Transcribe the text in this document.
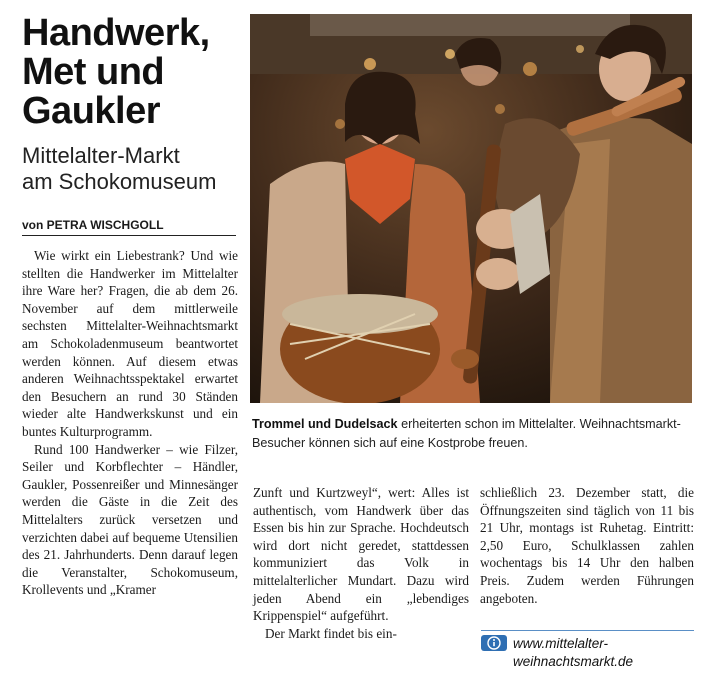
Handwerk,
Met und
Gaukler
Mittelalter-Markt
am Schokomuseum
von PETRA WISCHGOLL

Wie wirkt ein Liebestrank? Und wie stellten die Handwerker im Mittelalter ihre Ware her? Fragen, die ab dem 26. November auf dem mittlerweile sechsten Mittelalter-Weihnachtsmarkt am Schokoladenmuseum beantwortet werden können. Auf diesem etwas anderen Weihnachtsspektakel erwartet den Besuchern an rund 30 Ständen wieder alte Handwerkskunst und ein buntes Kulturprogramm.

Rund 100 Handwerker – wie Filzer, Seiler und Korbflechter – Händler, Gaukler, Possenreißer und Minnesänger werden die Gäste in die Zeit des Mittelalters zurück versetzen und verzichten dabei auf bequeme Utensilien des 21. Jahrhunderts. Denn darauf legen die Veranstalter, Schokomuseum, Krollevents und „Kramer

Trommel und Dudelsack erheiterten schon im Mittelalter. Weihnachtsmarkt-Besucher können sich auf eine Kostprobe freuen.

Zunft und Kurtzweyl“, wert: Alles ist authentisch, vom Handwerk über das Essen bis hin zur Sprache. Hochdeutsch wird dort nicht geredet, stattdessen kommuniziert das Volk in mittelalterlicher Mundart. Dazu wird jeden Abend ein „lebendiges Krippenspiel“ aufgeführt.

Der Markt findet bis ein-

schließlich 23. Dezember statt, die Öffnungszeiten sind täglich von 11 bis 21 Uhr, montags ist Ruhetag. Eintritt: 2,50 Euro, Schulklassen zahlen wochentags bis 14 Uhr den halben Preis. Zudem werden Führungen angeboten.

www.mittelalter-weihnachtsmarkt.de
